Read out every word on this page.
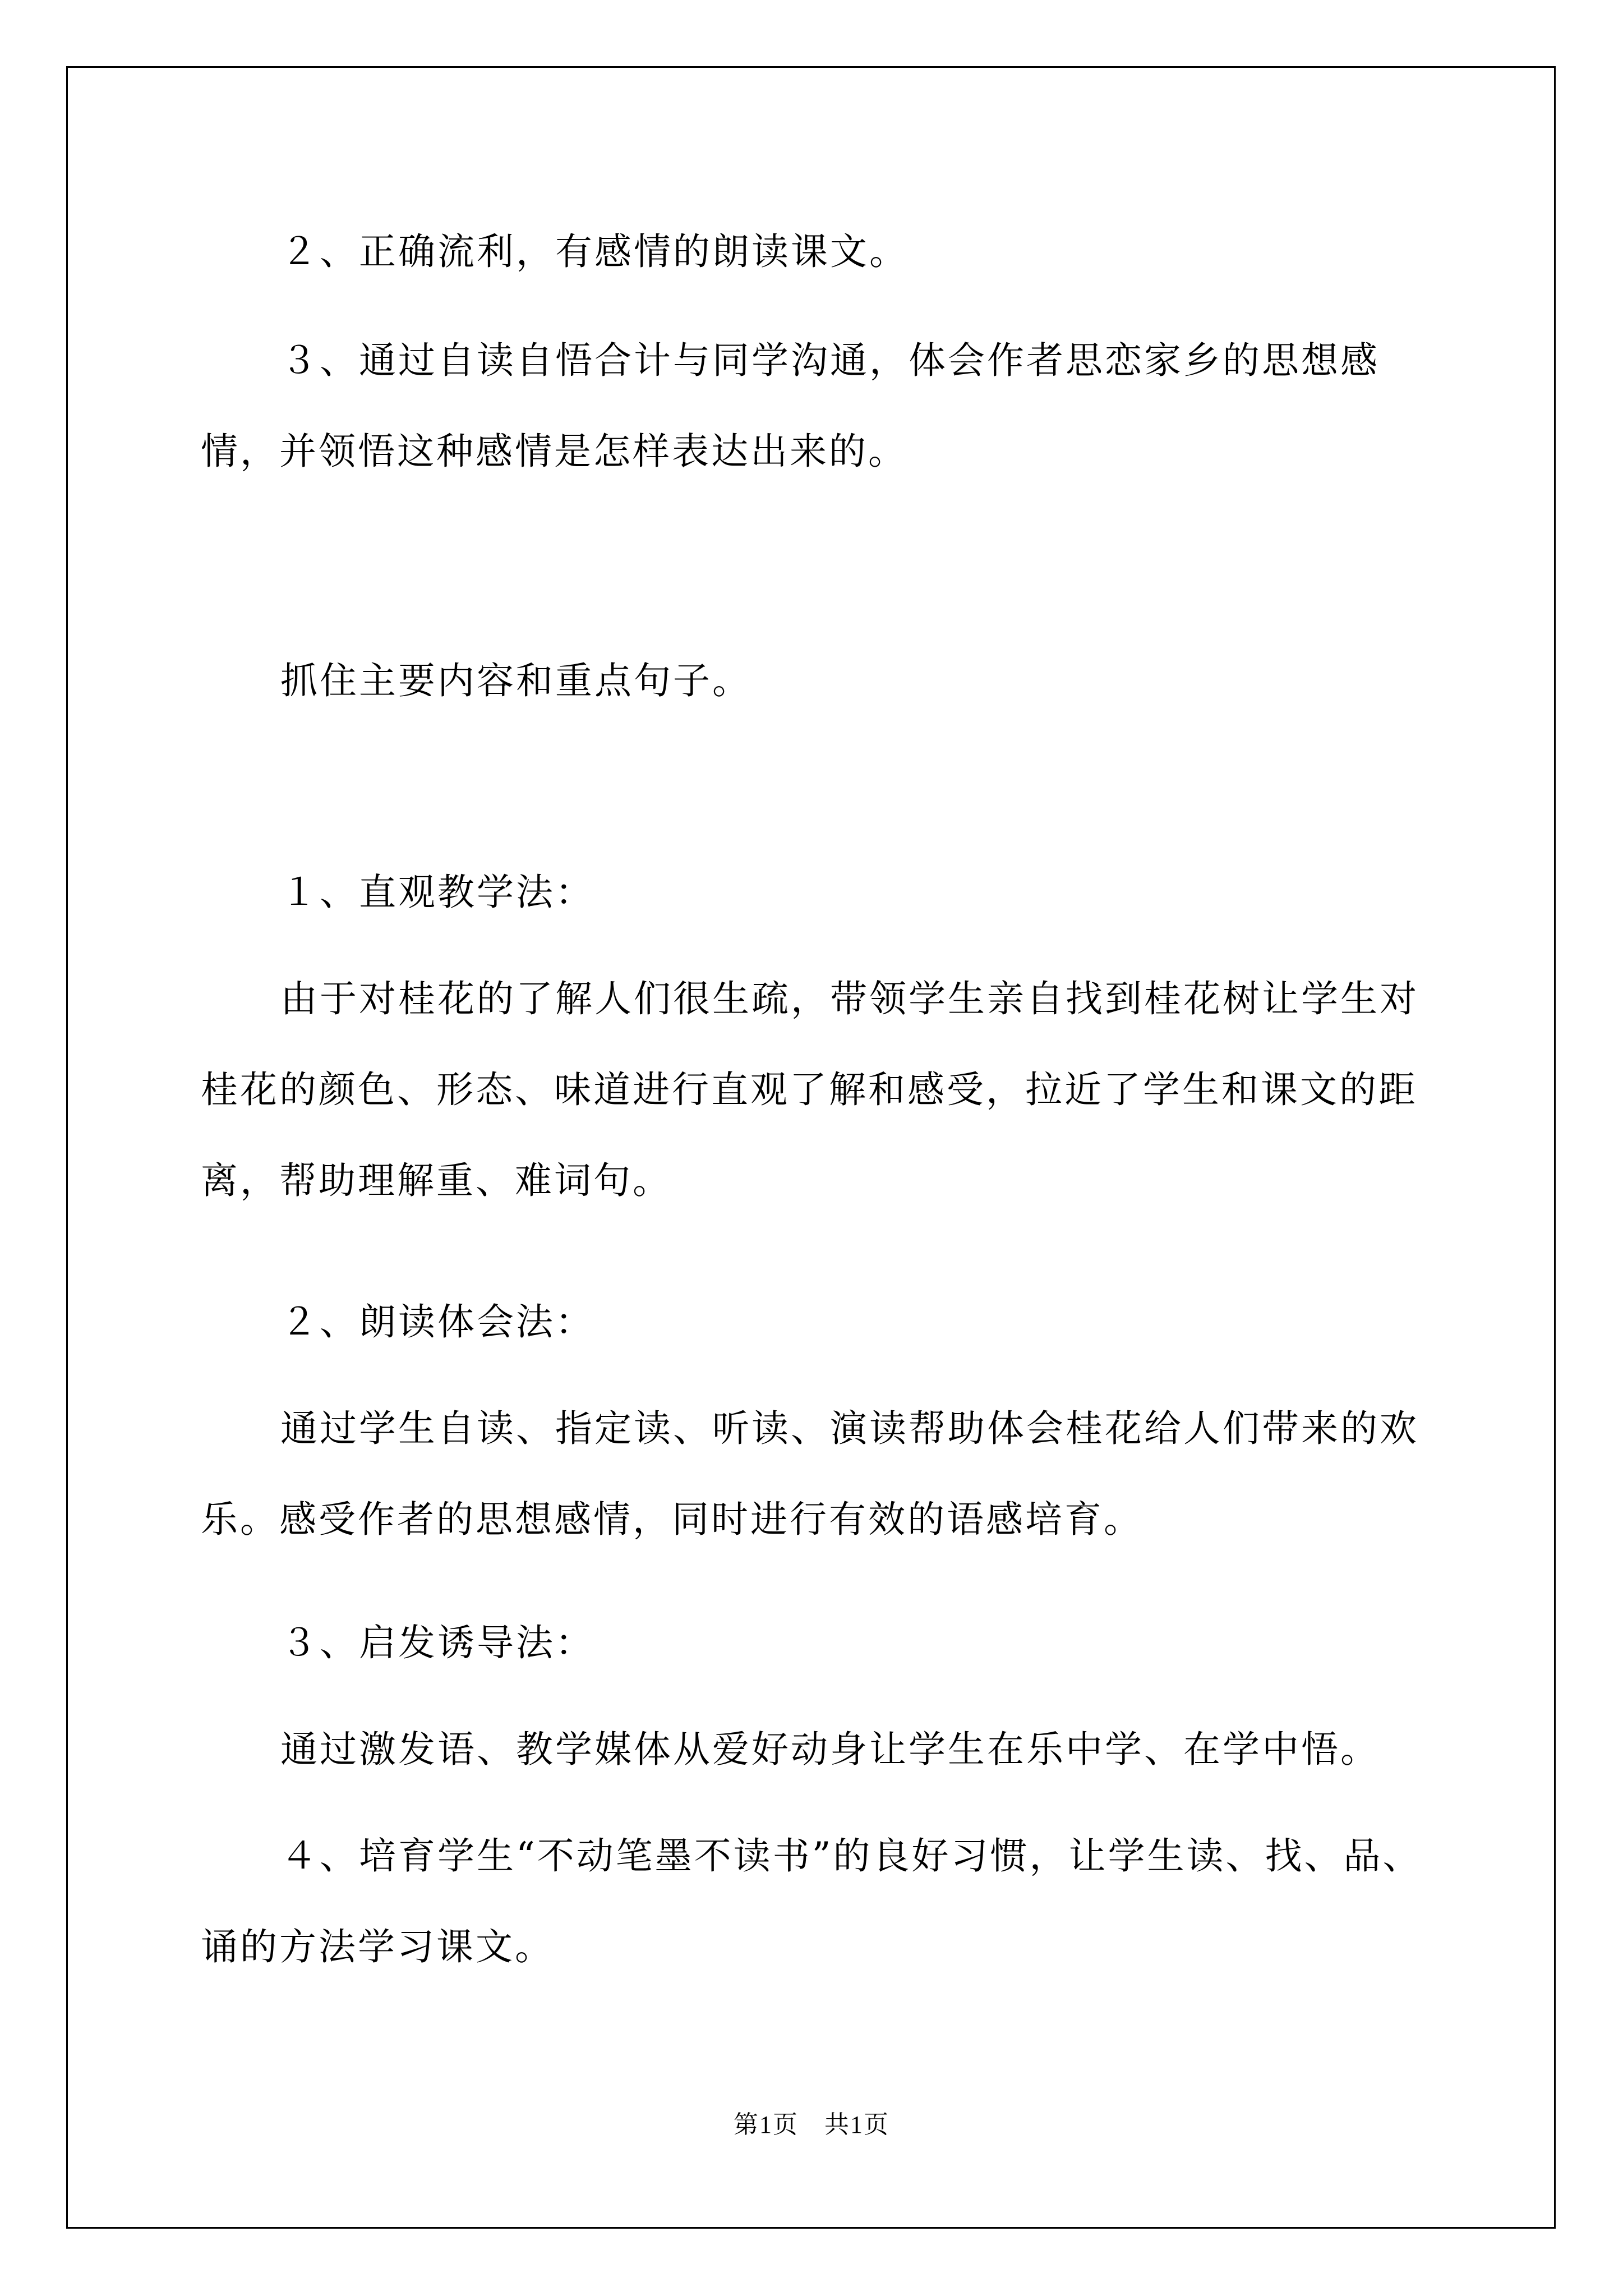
２、正确流利，有感情的朗读课文。

３、通过自读自悟合计与同学沟通，体会作者思恋家乡的思想感情，并领悟这种感情是怎样表达出来的。

抓住主要内容和重点句子。

１、直观教学法：

由于对桂花的了解人们很生疏，带领学生亲自找到桂花树让学生对桂花的颜色、形态、味道进行直观了解和感受，拉近了学生和课文的距离，帮助理解重、难词句。

２、朗读体会法：

通过学生自读、指定读、听读、演读帮助体会桂花给人们带来的欢乐。感受作者的思想感情，同时进行有效的语感培育。

３、启发诱导法：

通过激发语、教学媒体从爱好动身让学生在乐中学、在学中悟。

４、培育学生“不动笔墨不读书”的良好习惯，让学生读、找、品、诵的方法学习课文。

第1页　共1页
